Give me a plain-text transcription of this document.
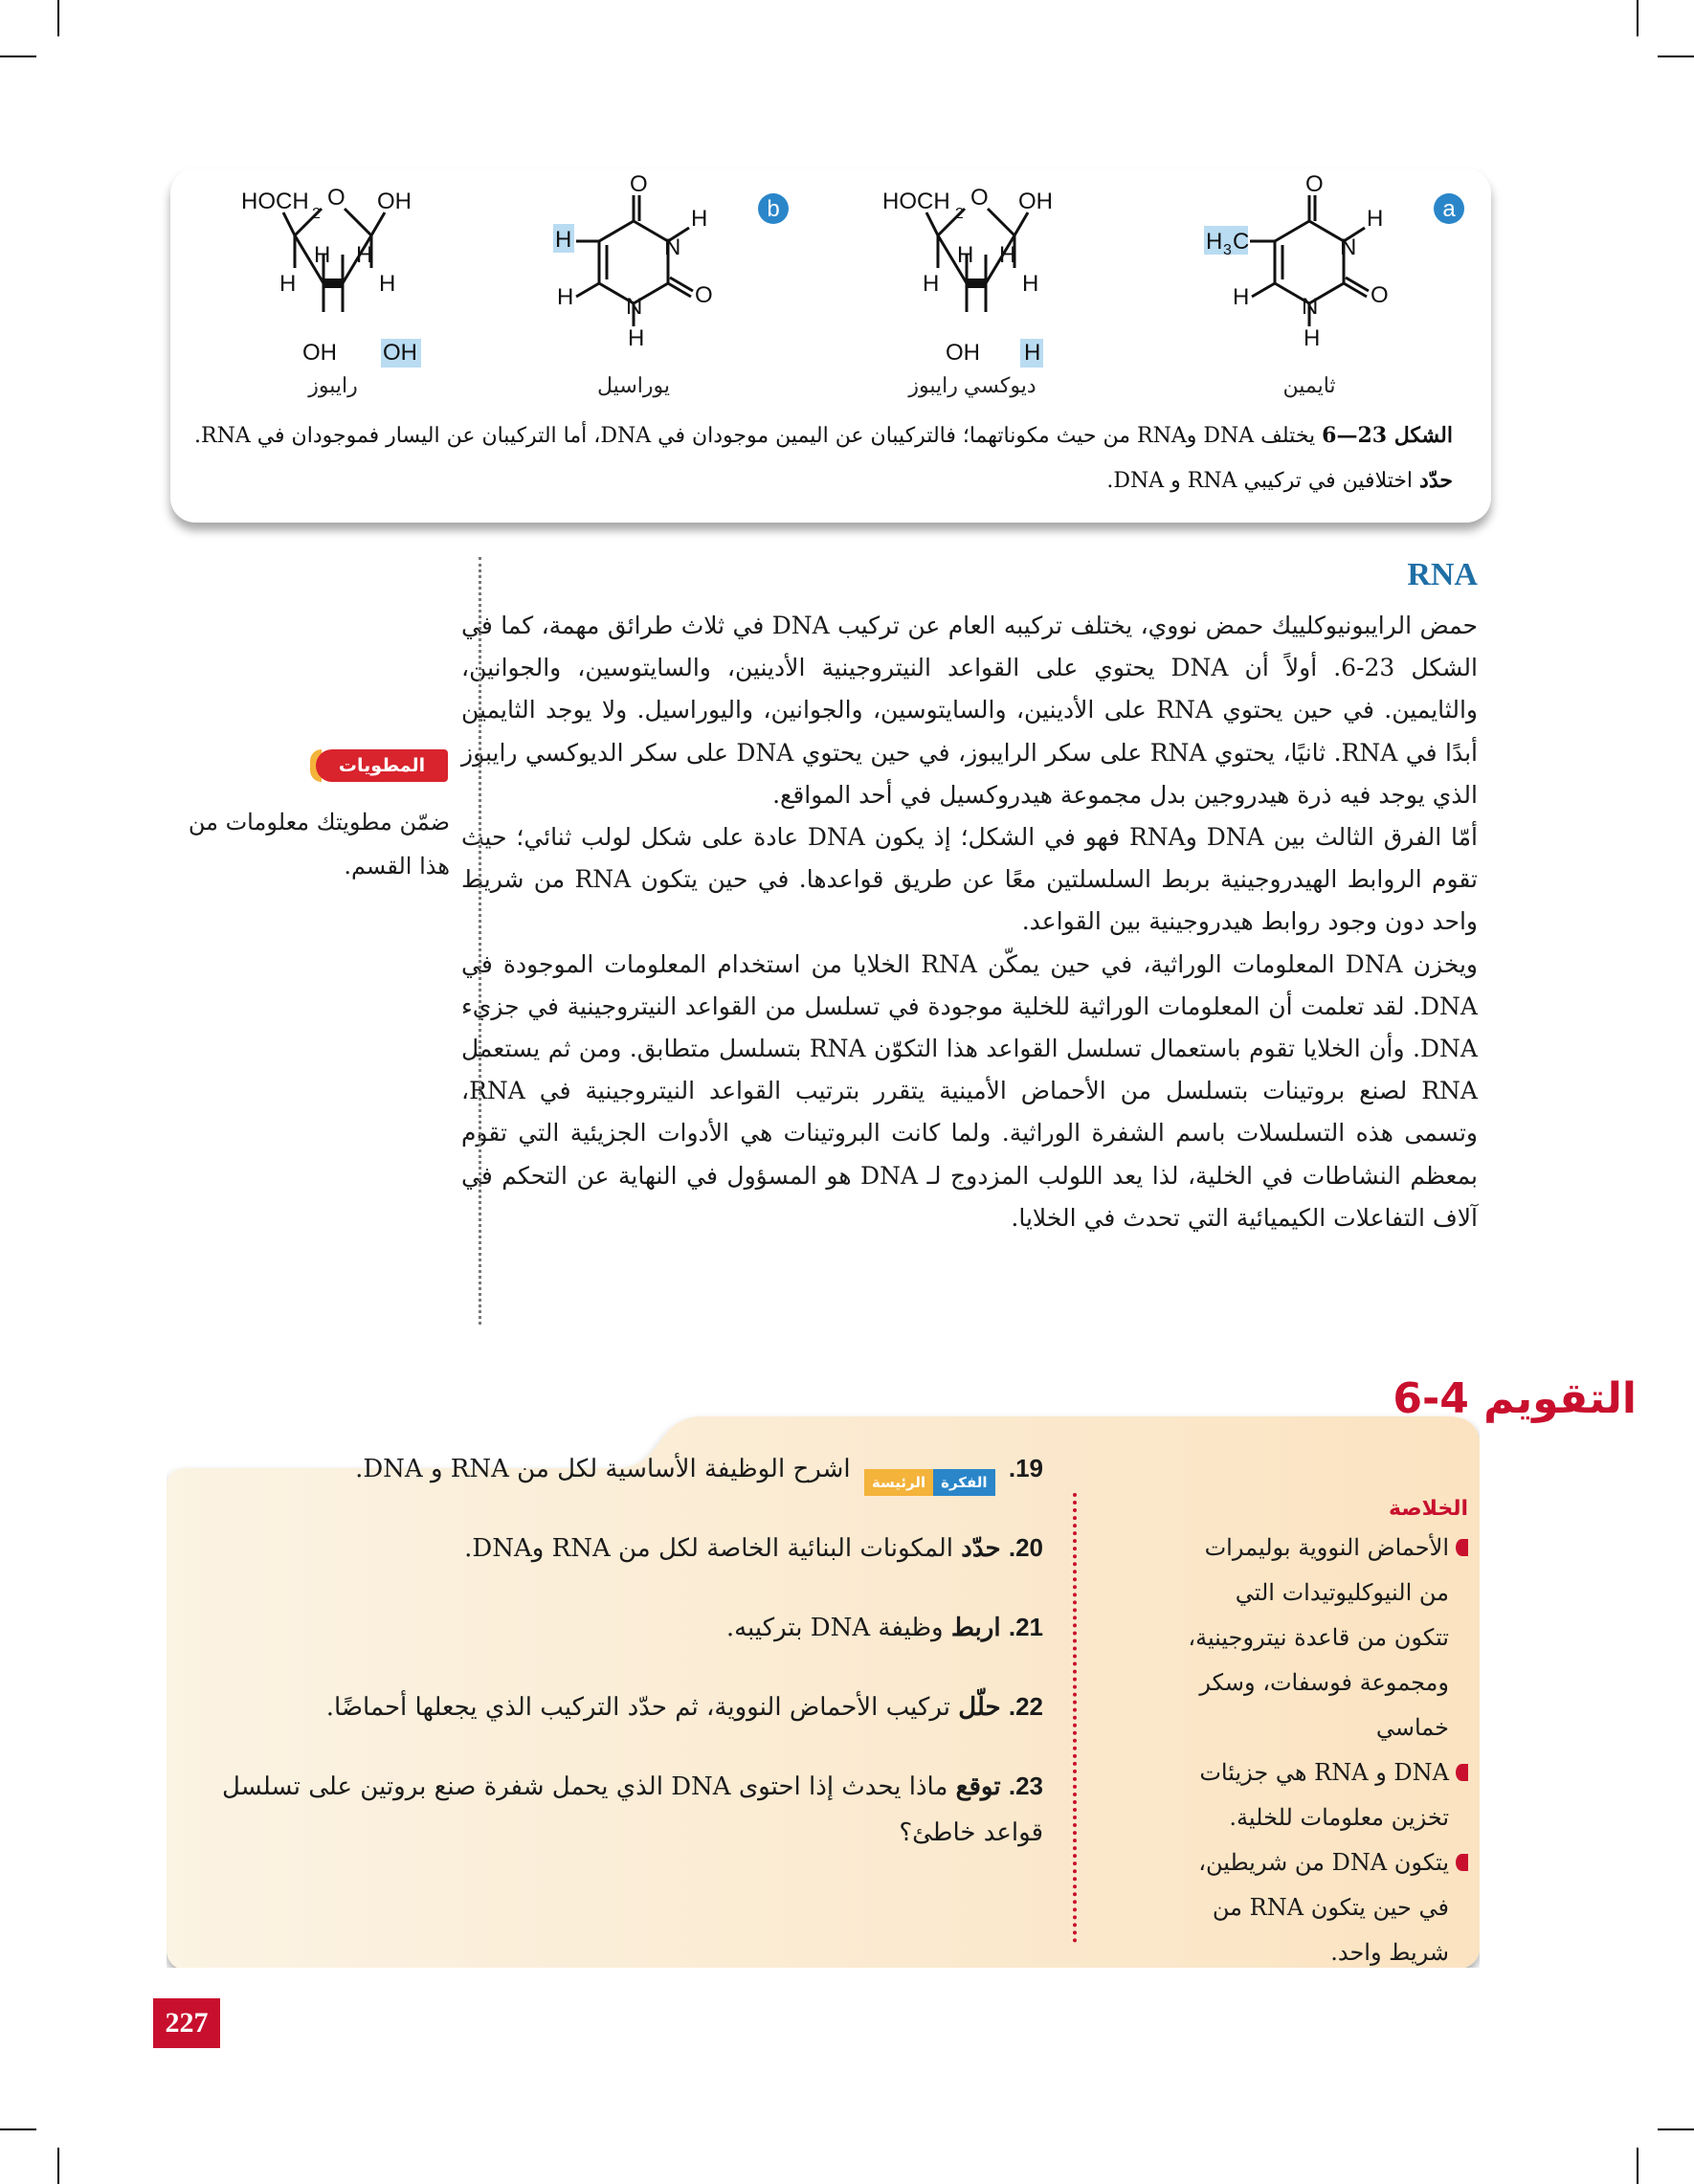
a
b
O
N
H
O
N
H
H
H 3 C
ثايمين
HOCH 2
O OH
H H
H	H
OH H
ديوكسي رايبوز
O
N
H
O
N
H
H
H
يوراسيل
HOCH 2
O OH
H H
H	H
OH OH
رايبوز
الشكل 23—6 يختلف DNA وRNA من حيث مكوناتهما؛ فالتركيبان عن اليمين موجودان في DNA، أما التركيبان عن اليسار فموجودان في RNA.
حدّد اختلافين في تركيبي RNA و DNA.
RNA

حمض الرايبونيوكلييك حمض نووي، يختلف تركيبه العام عن تركيب DNA في ثلاث طرائق مهمة، كما في الشكل 23-6. أولاً أن DNA يحتوي على القواعد النيتروجينية الأدينين، والسايتوسين، والجوانين، والثايمين. في حين يحتوي RNA على الأدينين، والسايتوسين، والجوانين، واليوراسيل. ولا يوجد الثايمين أبدًا في RNA. ثانيًا، يحتوي RNA على سكر الرايبوز، في حين يحتوي DNA على سكر الديوكسي رايبوز الذي يوجد فيه ذرة هيدروجين بدل مجموعة هيدروكسيل في أحد المواقع.

أمّا الفرق الثالث بين DNA وRNA فهو في الشكل؛ إذ يكون DNA عادة على شكل لولب ثنائي؛ حيث تقوم الروابط الهيدروجينية بربط السلسلتين معًا عن طريق قواعدها. في حين يتكون RNA من شريط واحد دون وجود روابط هيدروجينية بين القواعد.

ويخزن DNA المعلومات الوراثية، في حين يمكّن RNA الخلايا من استخدام المعلومات الموجودة في DNA. لقد تعلمت أن المعلومات الوراثية للخلية موجودة في تسلسل من القواعد النيتروجينية في جزيء DNA. وأن الخلايا تقوم باستعمال تسلسل القواعد هذا التكوّن RNA بتسلسل متطابق. ومن ثم يستعمل RNA لصنع بروتينات بتسلسل من الأحماض الأمينية يتقرر بترتيب القواعد النيتروجينية في RNA، وتسمى هذه التسلسلات باسم الشفرة الوراثية. ولما كانت البروتينات هي الأدوات الجزيئية التي تقوم بمعظم النشاطات في الخلية، لذا يعد اللولب المزدوج لـ DNA هو المسؤول في النهاية عن التحكم في آلاف التفاعلات الكيميائية التي تحدث في الخلايا.

المطويات
ضمّن مطويتك معلومات من هذا القسم.
التقويم 4-6
الخلاصة
الأحماض النووية بوليمرات من النيوكليوتيدات التي تتكون من قاعدة نيتروجينية، ومجموعة فوسفات، وسكر خماسي
DNA و RNA هي جزيئات تخزين معلومات للخلية.
يتكون DNA من شريطين، في حين يتكون RNA من شريط واحد.
19. الفكرةالرئيسة اشرح الوظيفة الأساسية لكل من RNA و DNA.
20. حدّد المكونات البنائية الخاصة لكل من RNA وDNA.
21. اربط وظيفة DNA بتركيبه.
22. حلّل تركيب الأحماض النووية، ثم حدّد التركيب الذي يجعلها أحماضًا.
23. توقع ماذا يحدث إذا احتوى DNA الذي يحمل شفرة صنع بروتين على تسلسل قواعد خاطئ؟
227
